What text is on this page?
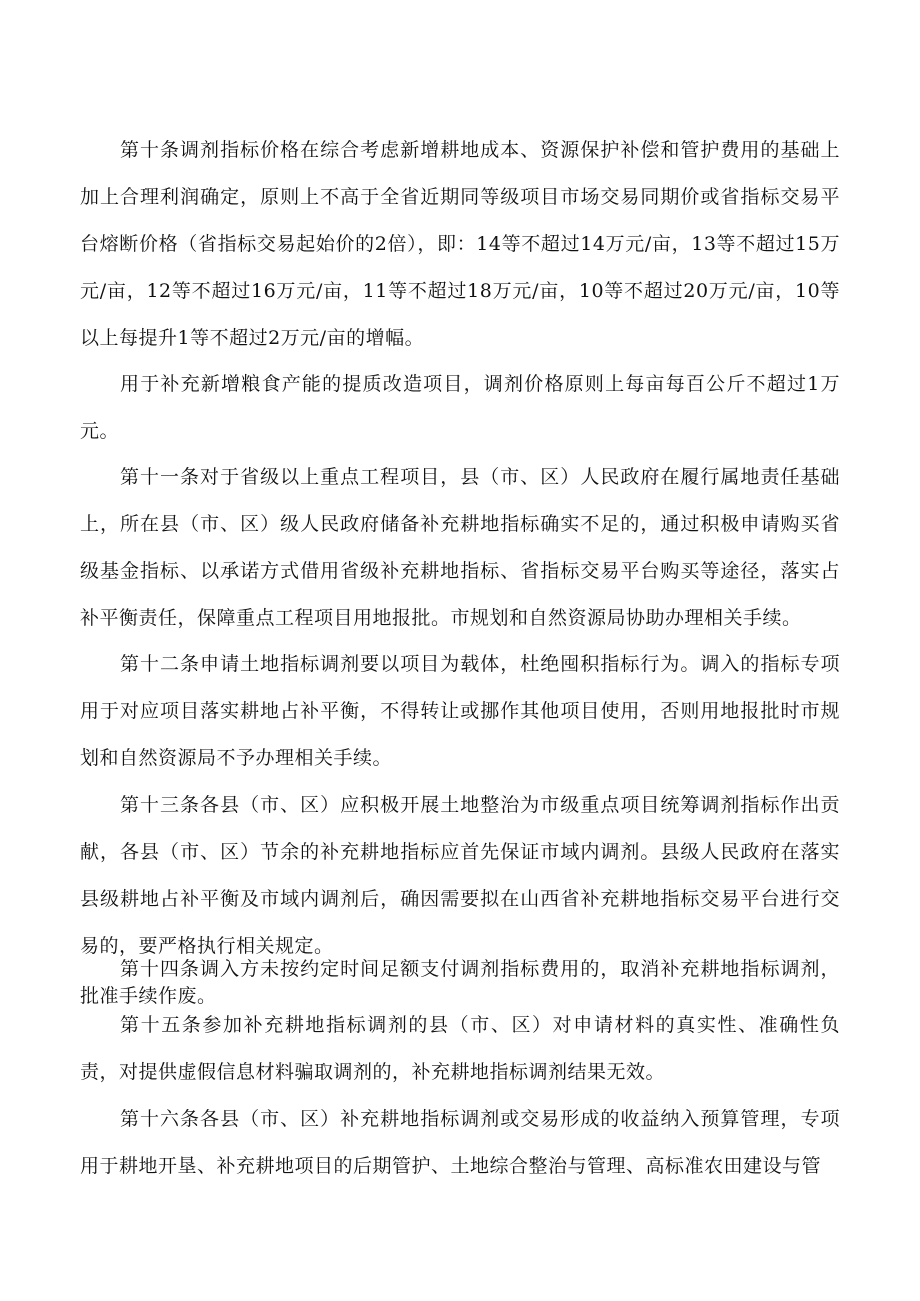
第十条调剂指标价格在综合考虑新增耕地成本、资源保护补偿和管护费用的基础上加上合理利润确定，原则上不高于全省近期同等级项目市场交易同期价或省指标交易平台熔断价格（省指标交易起始价的2倍），即：14等不超过14万元/亩，13等不超过15万元/亩，12等不超过16万元/亩，11等不超过18万元/亩，10等不超过20万元/亩，10等以上每提升1等不超过2万元/亩的增幅。

用于补充新增粮食产能的提质改造项目，调剂价格原则上每亩每百公斤不超过1万元。

第十一条对于省级以上重点工程项目，县（市、区）人民政府在履行属地责任基础上，所在县（市、区）级人民政府储备补充耕地指标确实不足的，通过积极申请购买省级基金指标、以承诺方式借用省级补充耕地指标、省指标交易平台购买等途径，落实占补平衡责任，保障重点工程项目用地报批。市规划和自然资源局协助办理相关手续。

第十二条申请土地指标调剂要以项目为载体，杜绝囤积指标行为。调入的指标专项用于对应项目落实耕地占补平衡，不得转让或挪作其他项目使用，否则用地报批时市规划和自然资源局不予办理相关手续。

第十三条各县（市、区）应积极开展土地整治为市级重点项目统筹调剂指标作出贡献，各县（市、区）节余的补充耕地指标应首先保证市域内调剂。县级人民政府在落实县级耕地占补平衡及市域内调剂后，确因需要拟在山西省补充耕地指标交易平台进行交易的，要严格执行相关规定。

第十四条调入方未按约定时间足额支付调剂指标费用的，取消补充耕地指标调剂，批准手续作废。

第十五条参加补充耕地指标调剂的县（市、区）对申请材料的真实性、准确性负责，对提供虚假信息材料骗取调剂的，补充耕地指标调剂结果无效。

第十六条各县（市、区）补充耕地指标调剂或交易形成的收益纳入预算管理，专项用于耕地开垦、补充耕地项目的后期管护、土地综合整治与管理、高标准农田建设与管
